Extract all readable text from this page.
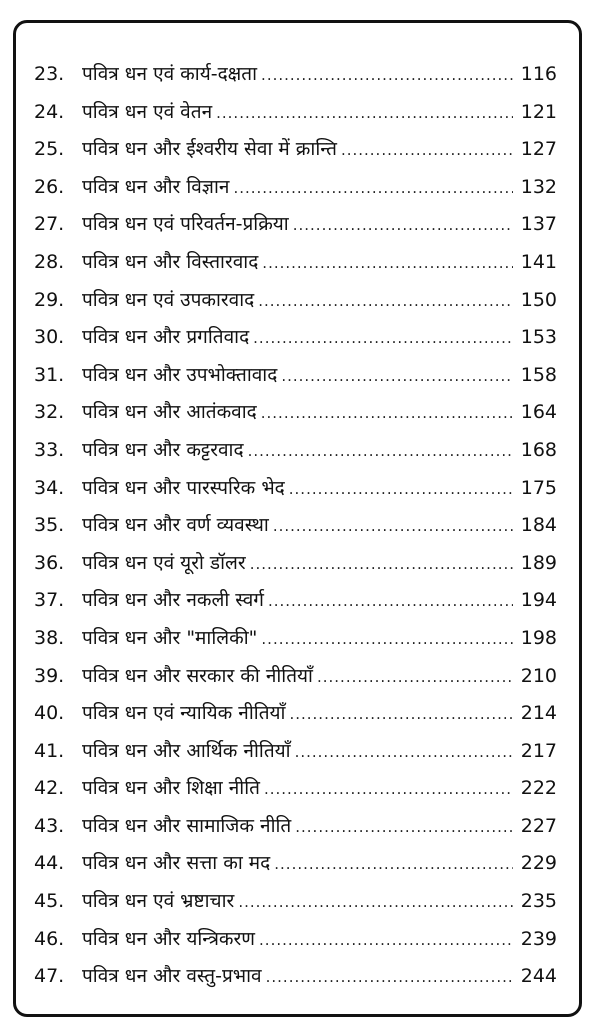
23. पवित्र धन एवं कार्य-दक्षता .....	116
24. पवित्र धन एवं वेतन .....	121
25. पवित्र धन और ईश्वरीय सेवा में क्रान्ति .....	127
26. पवित्र धन और विज्ञान .....	132
27. पवित्र धन एवं परिवर्तन-प्रक्रिया .....	137
28. पवित्र धन और विस्तारवाद .....	141
29. पवित्र धन एवं उपकारवाद .....	150
30. पवित्र धन और प्रगतिवाद .....	153
31. पवित्र धन और उपभोक्तावाद .....	158
32. पवित्र धन और आतंकवाद .....	164
33. पवित्र धन और कट्टरवाद .....	168
34. पवित्र धन और पारस्परिक भेद .....	175
35. पवित्र धन और वर्ण व्यवस्था .....	184
36. पवित्र धन एवं यूरो डॉलर .....	189
37. पवित्र धन और नकली स्वर्ग .....	194
38. पवित्र धन और "मालिकी" .....	198
39. पवित्र धन और सरकार की नीतियाँ .....	210
40. पवित्र धन एवं न्यायिक नीतियाँ .....	214
41. पवित्र धन और आर्थिक नीतियाँ .....	217
42. पवित्र धन और शिक्षा नीति .....	222
43. पवित्र धन और सामाजिक नीति .....	227
44. पवित्र धन और सत्ता का मद .....	229
45. पवित्र धन एवं भ्रष्टाचार .....	235
46. पवित्र धन और यन्त्रिकरण .....	239
47. पवित्र धन और वस्तु-प्रभाव .....	244
